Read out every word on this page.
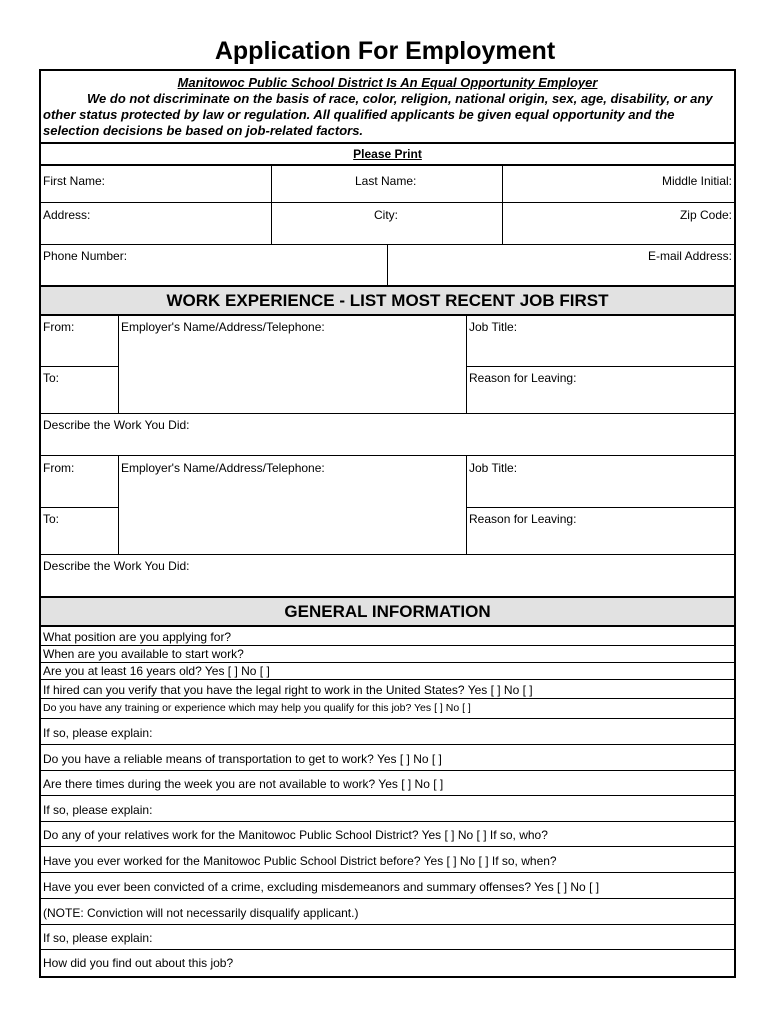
Application For Employment
Manitowoc Public School District Is An Equal Opportunity Employer
We do not discriminate on the basis of race, color, religion, national origin, sex, age, disability, or any other status protected by law or regulation. All qualified applicants be given equal opportunity and the selection decisions be based on job-related factors.
Please Print
First Name:	Last Name:	Middle Initial:
Address:	City:	Zip Code:
Phone Number:	E-mail Address:
WORK EXPERIENCE - LIST MOST RECENT JOB FIRST
From:	Employer's Name/Address/Telephone:	Job Title:
To:	Reason for Leaving:
Describe the Work You Did:
From:	Employer's Name/Address/Telephone:	Job Title:
To:	Reason for Leaving:
Describe the Work You Did:
GENERAL INFORMATION
What position are you applying for?
When are you available to start work?
Are you at least 16 years old? Yes [ ] No [ ]
If hired can you verify that you have the legal right to work in the United States? Yes [ ] No [ ]
Do you have any training or experience which may help you qualify for this job? Yes [ ] No [ ]
If so, please explain:
Do you have a reliable means of transportation to get to work? Yes [ ] No [ ]
Are there times during the week you are not available to work? Yes [ ] No [ ]
If so, please explain:
Do any of your relatives work for the Manitowoc Public School District? Yes [ ] No [ ] If so, who?
Have you ever worked for the Manitowoc Public School District before? Yes [ ] No [ ] If so, when?
Have you ever been convicted of a crime, excluding misdemeanors and summary offenses? Yes [ ] No [ ]
(NOTE: Conviction will not necessarily disqualify applicant.)
If so, please explain:
How did you find out about this job?
